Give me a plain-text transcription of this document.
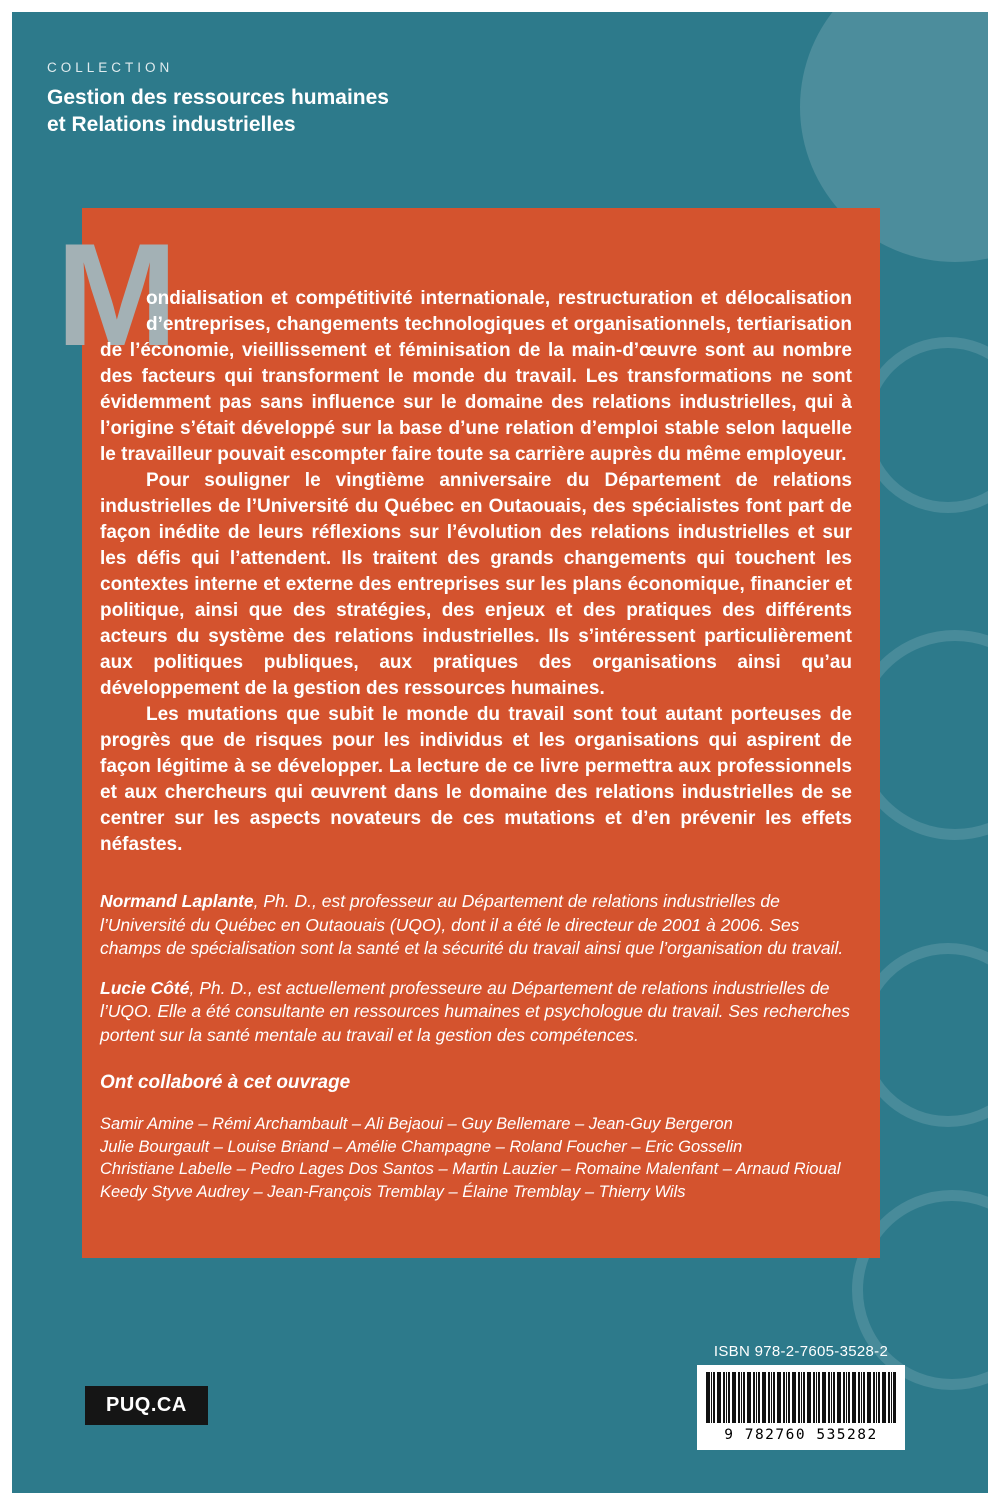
COLLECTION
Gestion des ressources humaines
et Relations industrielles
M

ondialisation et compétitivité internationale, restructuration et délocalisation d’entreprises, changements technologiques et organisationnels, tertiarisation de l’économie, vieillissement et féminisation de la main-d’œuvre sont au nombre des facteurs qui transforment le monde du travail. Les transformations ne sont évidemment pas sans influence sur le domaine des relations industrielles, qui à l’origine s’était développé sur la base d’une relation d’emploi stable selon laquelle le travailleur pouvait escompter faire toute sa carrière auprès du même employeur.

Pour souligner le vingtième anniversaire du Département de relations industrielles de l’Université du Québec en Outaouais, des spécialistes font part de façon inédite de leurs réflexions sur l’évolution des relations industrielles et sur les défis qui l’attendent. Ils traitent des grands changements qui touchent les contextes interne et externe des entreprises sur les plans économique, financier et politique, ainsi que des stratégies, des enjeux et des pratiques des différents acteurs du système des relations industrielles. Ils s’intéressent particulièrement aux politiques publiques, aux pratiques des organisations ainsi qu’au développement de la gestion des ressources humaines.

Les mutations que subit le monde du travail sont tout autant porteuses de progrès que de risques pour les individus et les organisations qui aspirent de façon légitime à se développer. La lecture de ce livre permettra aux professionnels et aux chercheurs qui œuvrent dans le domaine des relations industrielles de se centrer sur les aspects novateurs de ces mutations et d’en prévenir les effets néfastes.

Normand Laplante, Ph. D., est professeur au Département de relations industrielles de l’Université du Québec en Outaouais (UQO), dont il a été le directeur de 2001 à 2006. Ses champs de spécialisation sont la santé et la sécurité du travail ainsi que l’organisation du travail.

Lucie Côté, Ph. D., est actuellement professeure au Département de relations industrielles de l’UQO. Elle a été consultante en ressources humaines et psychologue du travail. Ses recherches portent sur la santé mentale au travail et la gestion des compétences.

Ont collaboré à cet ouvrage

Samir Amine – Rémi Archambault – Ali Bejaoui – Guy Bellemare – Jean-Guy Bergeron

Julie Bourgault – Louise Briand – Amélie Champagne – Roland Foucher – Eric Gosselin

Christiane Labelle – Pedro Lages Dos Santos – Martin Lauzier – Romaine Malenfant – Arnaud Rioual

Keedy Styve Audrey – Jean-François Tremblay – Élaine Tremblay – Thierry Wils

PUQ.CA
ISBN 978-2-7605-3528-2
9 782760 535282
